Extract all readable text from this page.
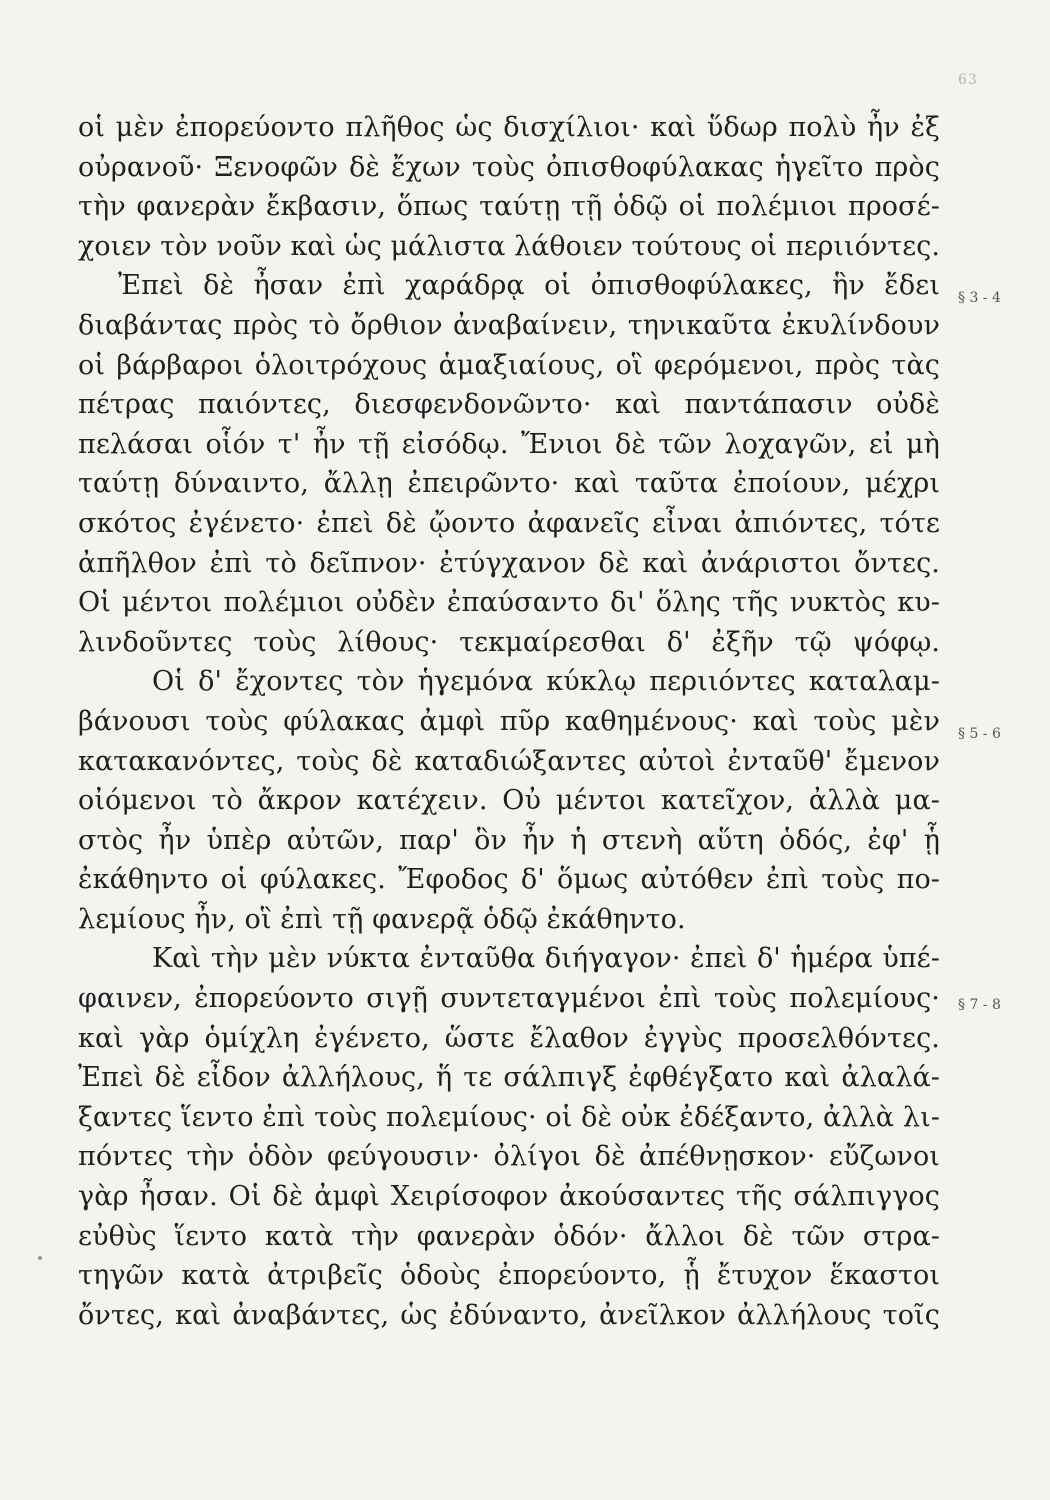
63
οἱ μὲν ἐπορεύοντο πλῆθος ὡς δισχίλιοι· καὶ ὕδωρ πολὺ ἦν ἐξ
οὐρανοῦ· Ξενοφῶν δὲ ἔχων τοὺς ὀπισθοφύλακας ἡγεῖτο πρὸς
τὴν φανερὰν ἔκβασιν, ὅπως ταύτῃ τῇ ὁδῷ οἱ πολέμιοι προσέ-
χοιεν τὸν νοῦν καὶ ὡς μάλιστα λάθοιεν τούτους οἱ περιιόντες.
Ἐπεὶ δὲ ἦσαν ἐπὶ χαράδρᾳ οἱ ὀπισθοφύλακες, ἣν ἔδει
διαβάντας πρὸς τὸ ὄρθιον ἀναβαίνειν, τηνικαῦτα ἐκυλίνδουν
οἱ βάρβαροι ὁλοιτρόχους ἁμαξιαίους, οἳ φερόμενοι, πρὸς τὰς
πέτρας παιόντες, διεσφενδονῶντο· καὶ παντάπασιν οὐδὲ
πελάσαι οἷόν τ' ἦν τῇ εἰσόδῳ. Ἔνιοι δὲ τῶν λοχαγῶν, εἰ μὴ
ταύτῃ δύναιντο, ἄλλῃ ἐπειρῶντο· καὶ ταῦτα ἐποίουν, μέχρι
σκότος ἐγένετο· ἐπεὶ δὲ ᾤοντο ἀφανεῖς εἶναι ἀπιόντες, τότε
ἀπῆλθον ἐπὶ τὸ δεῖπνον· ἐτύγχανον δὲ καὶ ἀνάριστοι ὄντες.
Οἱ μέντοι πολέμιοι οὐδὲν ἐπαύσαντο δι' ὅλης τῆς νυκτὸς κυ-
λινδοῦντες τοὺς λίθους· τεκμαίρεσθαι δ' ἐξῆν τῷ ψόφῳ.
Οἱ δ' ἔχοντες τὸν ἡγεμόνα κύκλῳ περιιόντες καταλαμ-
βάνουσι τοὺς φύλακας ἀμφὶ πῦρ καθημένους· καὶ τοὺς μὲν
κατακανόντες, τοὺς δὲ καταδιώξαντες αὐτοὶ ἐνταῦθ' ἔμενον
οἰόμενοι τὸ ἄκρον κατέχειν. Οὐ μέντοι κατεῖχον, ἀλλὰ μα-
στὸς ἦν ὑπὲρ αὐτῶν, παρ' ὃν ἦν ἡ στενὴ αὕτη ὁδός, ἐφ' ᾗ
ἐκάθηντο οἱ φύλακες. Ἔφοδος δ' ὅμως αὐτόθεν ἐπὶ τοὺς πο-
λεμίους ἦν, οἳ ἐπὶ τῇ φανερᾷ ὁδῷ ἐκάθηντο.
Καὶ τὴν μὲν νύκτα ἐνταῦθα διήγαγον· ἐπεὶ δ' ἡμέρα ὑπέ-
φαινεν, ἐπορεύοντο σιγῇ συντεταγμένοι ἐπὶ τοὺς πολεμίους·
καὶ γὰρ ὁμίχλη ἐγένετο, ὥστε ἔλαθον ἐγγὺς προσελθόντες.
Ἐπεὶ δὲ εἶδον ἀλλήλους, ἥ τε σάλπιγξ ἐφθέγξατο καὶ ἀλαλά-
ξαντες ἵεντο ἐπὶ τοὺς πολεμίους· οἱ δὲ οὐκ ἐδέξαντο, ἀλλὰ λι-
πόντες τὴν ὁδὸν φεύγουσιν· ὀλίγοι δὲ ἀπέθνῃσκον· εὔζωνοι
γὰρ ἦσαν. Οἱ δὲ ἀμφὶ Χειρίσοφον ἀκούσαντες τῆς σάλπιγγος
εὐθὺς ἵεντο κατὰ τὴν φανερὰν ὁδόν· ἄλλοι δὲ τῶν στρα-
τηγῶν κατὰ ἀτριβεῖς ὁδοὺς ἐπορεύοντο, ᾗ ἔτυχον ἕκαστοι
ὄντες, καὶ ἀναβάντες, ὡς ἐδύναντο, ἀνεῖλκον ἀλλήλους τοῖς
§ 3 - 4
§ 5 - 6
§ 7 - 8
